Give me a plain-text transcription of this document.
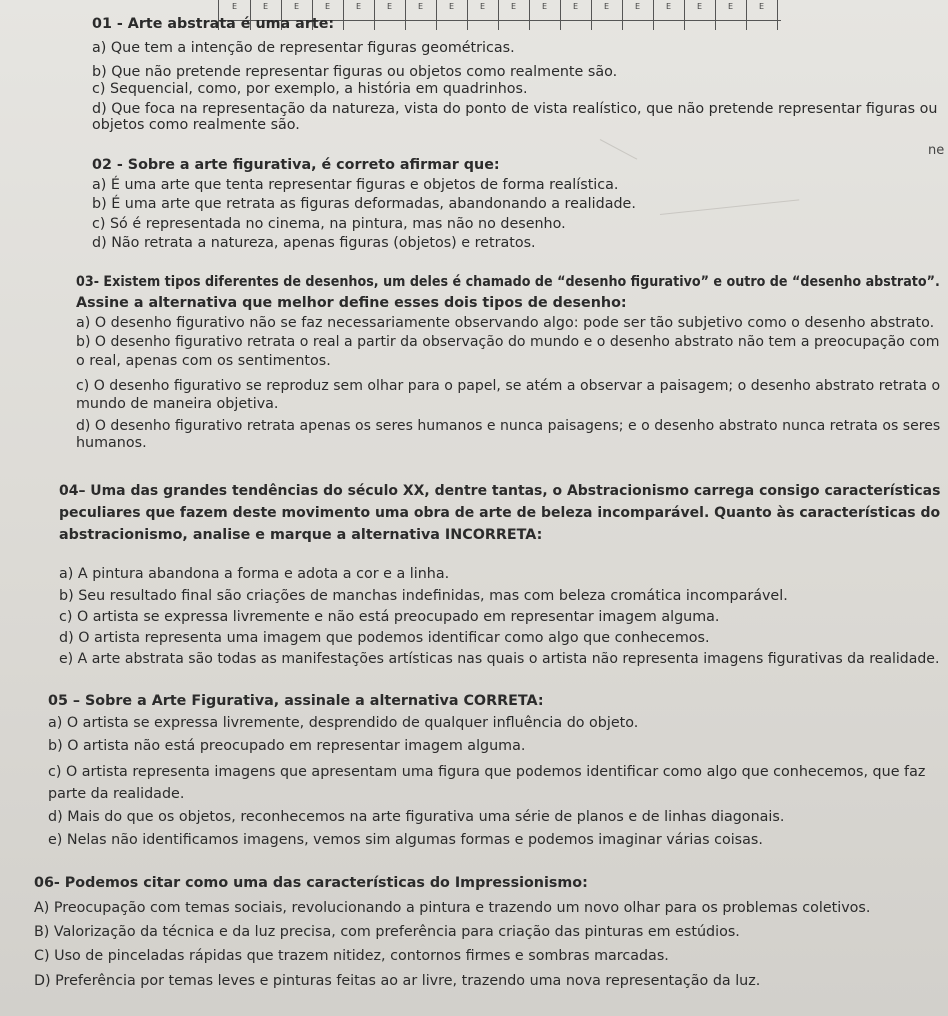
E	E	E	E	E	E	E	E	E	E	E	E	E	E	E	E	E	E
ne
01 - Arte abstrata é uma arte:
a) Que tem a intenção de representar figuras geométricas.
b) Que não pretende representar figuras ou objetos como realmente são.
c) Sequencial, como, por exemplo, a história em quadrinhos.
d) Que foca na representação da natureza, vista do ponto de vista realístico, que não pretende representar figuras ou
objetos como realmente são.
02 - Sobre a arte figurativa, é correto afirmar que:
a) É uma arte que tenta representar figuras e objetos de forma realística.
b) É uma arte que retrata as figuras deformadas, abandonando a realidade.
c) Só é representada no cinema, na pintura, mas não no desenho.
d) Não retrata a natureza, apenas figuras (objetos) e retratos.
03- Existem tipos diferentes de desenhos, um deles é chamado de “desenho figurativo” e outro de “desenho abstrato”.
Assine a alternativa que melhor define esses dois tipos de desenho:
a) O desenho figurativo não se faz necessariamente observando algo: pode ser tão subjetivo como o desenho abstrato.
b) O desenho figurativo retrata o real a partir da observação do mundo e o desenho abstrato não tem a preocupação com
o real, apenas com os sentimentos.
c) O desenho figurativo se reproduz sem olhar para o papel, se atém a observar a paisagem; o desenho abstrato retrata o
mundo de maneira objetiva.
d) O desenho figurativo retrata apenas os seres humanos e nunca paisagens; e o desenho abstrato nunca retrata os seres
humanos.
04– Uma das grandes tendências do século XX, dentre tantas, o Abstracionismo carrega consigo características
peculiares que fazem deste movimento uma obra de arte de beleza incomparável. Quanto às características do
abstracionismo, analise e marque a alternativa INCORRETA:
a) A pintura abandona a forma e adota a cor e a linha.
b) Seu resultado final são criações de manchas indefinidas, mas com beleza cromática incomparável.
c) O artista se expressa livremente e não está preocupado em representar imagem alguma.
d) O artista representa uma imagem que podemos identificar como algo que conhecemos.
e) A arte abstrata são todas as manifestações artísticas nas quais o artista não representa imagens figurativas da realidade.
05 – Sobre a Arte Figurativa, assinale a alternativa CORRETA:
a) O artista se expressa livremente, desprendido de qualquer influência do objeto.
b) O artista não está preocupado em representar imagem alguma.
c) O artista representa imagens que apresentam uma figura que podemos identificar como algo que conhecemos, que faz
parte da realidade.
d) Mais do que os objetos, reconhecemos na arte figurativa uma série de planos e de linhas diagonais.
e) Nelas não identificamos imagens, vemos sim algumas formas e podemos imaginar várias coisas.
06- Podemos citar como uma das características do Impressionismo:
A) Preocupação com temas sociais, revolucionando a pintura e trazendo um novo olhar para os problemas coletivos.
B) Valorização da técnica e da luz precisa, com preferência para criação das pinturas em estúdios.
C) Uso de pinceladas rápidas que trazem nitidez, contornos firmes e sombras marcadas.
D) Preferência por temas leves e pinturas feitas ao ar livre, trazendo uma nova representação da luz.
